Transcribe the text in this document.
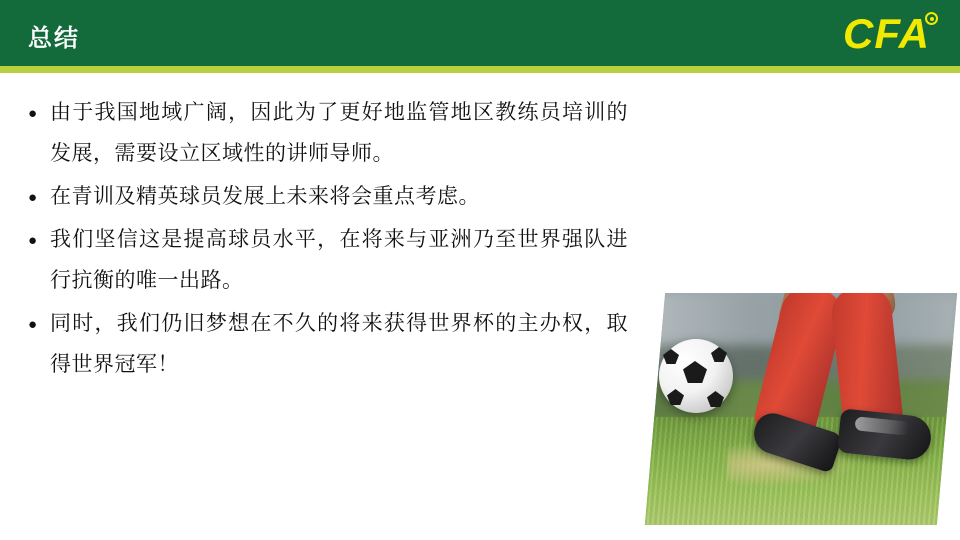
总结	CFA
● 由于我国地域广阔，因此为了更好地监管地区教练员培训的发展，需要设立区域性的讲师导师。
● 在青训及精英球员发展上未来将会重点考虑。
● 我们坚信这是提高球员水平，在将来与亚洲乃至世界强队进行抗衡的唯一出路。
● 同时，我们仍旧梦想在不久的将来获得世界杯的主办权，取得世界冠军！
